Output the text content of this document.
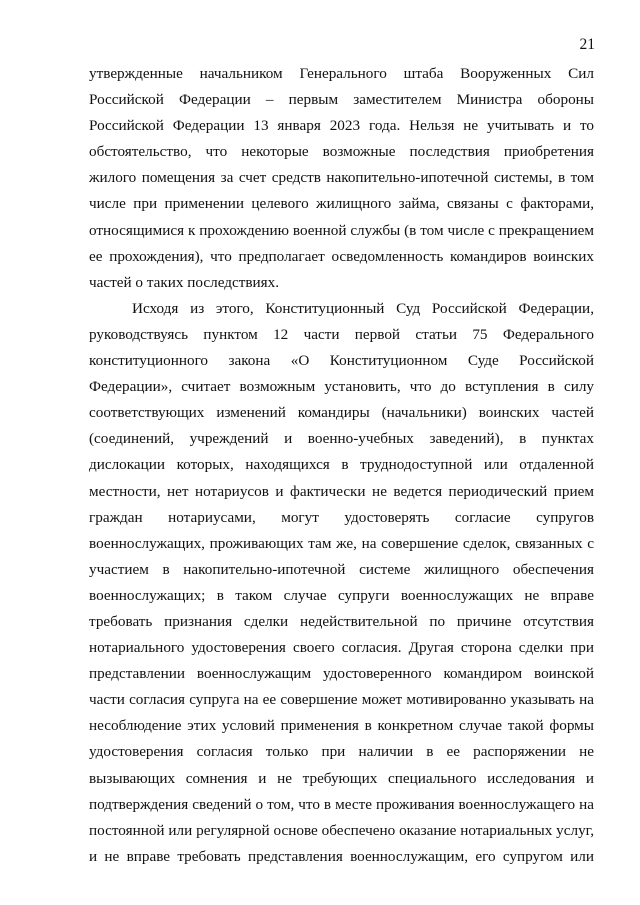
21
утвержденные начальником Генерального штаба Вооруженных Сил
Российской Федерации – первым заместителем Министра обороны
Российской Федерации 13 января 2023 года. Нельзя не учитывать и то
обстоятельство, что некоторые возможные последствия приобретения
жилого помещения за счет средств накопительно-ипотечной системы, в том
числе при применении целевого жилищного займа, связаны с факторами,
относящимися к прохождению военной службы (в том числе с прекращением
ее прохождения), что предполагает осведомленность командиров воинских
частей о таких последствиях.
Исходя из этого, Конституционный Суд Российской Федерации,
руководствуясь пунктом 12 части первой статьи 75 Федерального
конституционного закона «О Конституционном Суде Российской
Федерации», считает возможным установить, что до вступления в силу
соответствующих изменений командиры (начальники) воинских частей
(соединений, учреждений и военно-учебных заведений), в пунктах
дислокации которых, находящихся в труднодоступной или отдаленной
местности, нет нотариусов и фактически не ведется периодический прием
граждан нотариусами, могут удостоверять согласие супругов
военнослужащих, проживающих там же, на совершение сделок, связанных с
участием в накопительно-ипотечной системе жилищного обеспечения
военнослужащих; в таком случае супруги военнослужащих не вправе
требовать признания сделки недействительной по причине отсутствия
нотариального удостоверения своего согласия. Другая сторона сделки при
представлении военнослужащим удостоверенного командиром воинской
части согласия супруга на ее совершение может мотивированно указывать на
несоблюдение этих условий применения в конкретном случае такой формы
удостоверения согласия только при наличии в ее распоряжении не
вызывающих сомнения и не требующих специального исследования и
подтверждения сведений о том, что в месте проживания военнослужащего на
постоянной или регулярной основе обеспечено оказание нотариальных услуг,
и не вправе требовать представления военнослужащим, его супругом или
